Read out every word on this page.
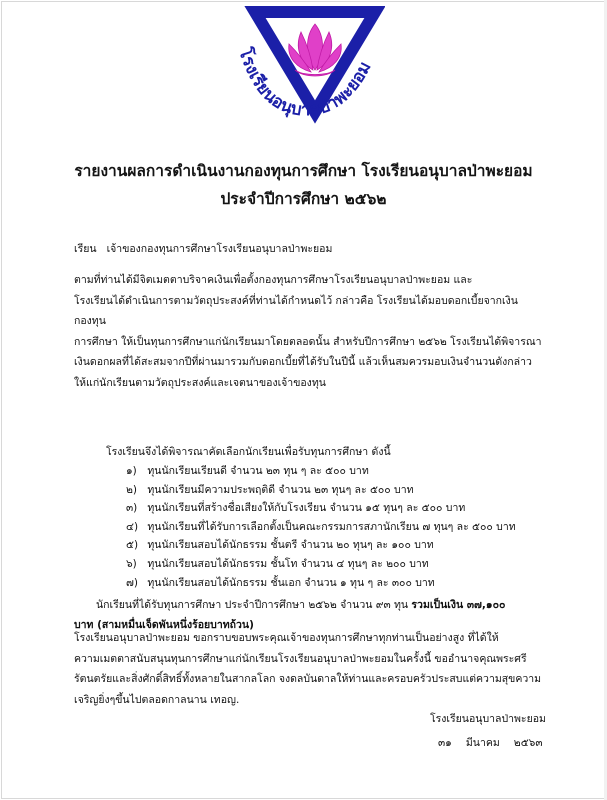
โรงเรียนอนุบาลป่าพะยอม
รายงานผลการดำเนินงานกองทุนการศึกษา โรงเรียนอนุบาลป่าพะยอม
ประจำปีการศึกษา ๒๕๖๒
เรียน เจ้าของกองทุนการศึกษาโรงเรียนอนุบาลป่าพะยอม
ตามที่ท่านได้มีจิตเมตตาบริจาคเงินเพื่อตั้งกองทุนการศึกษาโรงเรียนอนุบาลป่าพะยอม และ
โรงเรียนได้ดำเนินการตามวัตถุประสงค์ที่ท่านได้กำหนดไว้ กล่าวคือ โรงเรียนได้มอบดอกเบี้ยจากเงินกองทุน
การศึกษา ให้เป็นทุนการศึกษาแก่นักเรียนมาโดยตลอดนั้น สำหรับปีการศึกษา ๒๕๖๒ โรงเรียนได้พิจารณา
เงินดอกผลที่ได้สะสมจากปีที่ผ่านมารวมกับดอกเบี้ยที่ได้รับในปีนี้ แล้วเห็นสมควรมอบเงินจำนวนดังกล่าว
ให้แก่นักเรียนตามวัตถุประสงค์และเจตนาของเจ้าของทุน
โรงเรียนจึงได้พิจารณาคัดเลือกนักเรียนเพื่อรับทุนการศึกษา ดังนี้
๑) ทุนนักเรียนเรียนดี จำนวน ๒๓ ทุน ๆ ละ ๕๐๐ บาท
๒) ทุนนักเรียนมีความประพฤติดี จำนวน ๒๓ ทุนๆ ละ ๕๐๐ บาท
๓) ทุนนักเรียนที่สร้างชื่อเสียงให้กับโรงเรียน จำนวน ๑๕ ทุนๆ ละ ๕๐๐ บาท
๔) ทุนนักเรียนที่ได้รับการเลือกตั้งเป็นคณะกรรมการสภานักเรียน ๗ ทุนๆ ละ ๕๐๐ บาท
๕) ทุนนักเรียนสอบได้นักธรรม ชั้นตรี จำนวน ๒๐ ทุนๆ ละ ๑๐๐ บาท
๖) ทุนนักเรียนสอบได้นักธรรม ชั้นโท จำนวน ๔ ทุนๆ ละ ๒๐๐ บาท
๗) ทุนนักเรียนสอบได้นักธรรม ชั้นเอก จำนวน ๑ ทุน ๆ ละ ๓๐๐ บาท
นักเรียนที่ได้รับทุนการศึกษา ประจำปีการศึกษา ๒๕๖๒ จำนวน ๙๓ ทุน รวมเป็นเงิน ๓๗,๑๐๐
บาท (สามหมื่นเจ็ดพันหนึ่งร้อยบาทถ้วน)
โรงเรียนอนุบาลป่าพะยอม ขอกราบขอบพระคุณเจ้าของทุนการศึกษาทุกท่านเป็นอย่างสูง ที่ได้ให้
ความเมตตาสนับสนุนทุนการศึกษาแก่นักเรียนโรงเรียนอนุบาลป่าพะยอมในครั้งนี้ ขออำนาจคุณพระศรี
รัตนตรัยและสิ่งศักดิ์สิทธิ์ทั้งหลายในสากลโลก จงดลบันดาลให้ท่านและครอบครัวประสบแต่ความสุขความ
เจริญยิ่งๆขึ้นไปตลอดกาลนาน เทอญ.
โรงเรียนอนุบาลป่าพะยอม
๓๑ มีนาคม ๒๕๖๓
